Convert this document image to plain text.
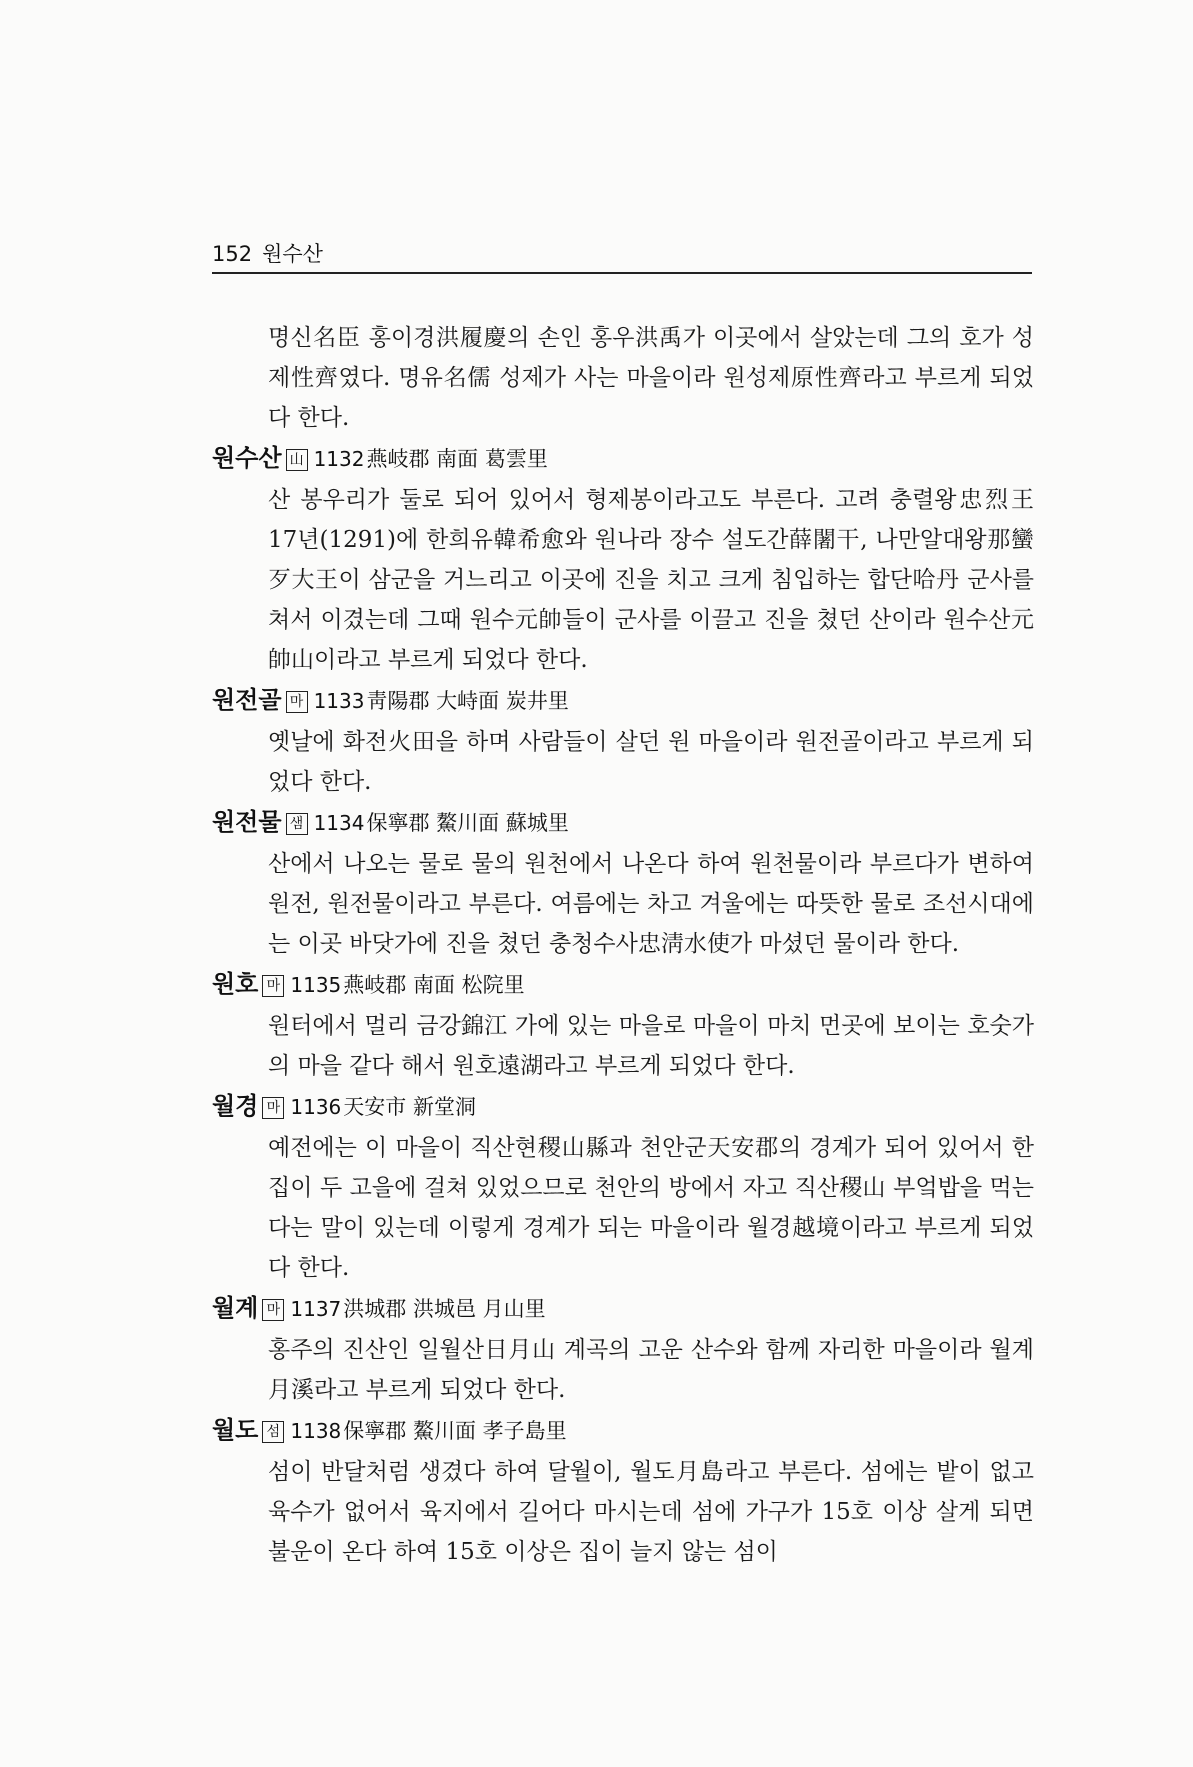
152 원수산

명신名臣 홍이경洪履慶의 손인 홍우洪禹가 이곳에서 살았는데 그의 호가 성제性齊였다. 명유名儒 성제가 사는 마을이라 원성제原性齊라고 부르게 되었다 한다.

원수산 山 1132燕岐郡 南面 葛雲里

산 봉우리가 둘로 되어 있어서 형제봉이라고도 부른다. 고려 충렬왕忠烈王 17년(1291)에 한희유韓希愈와 원나라 장수 설도간薛闍干, 나만알대왕那蠻歹大王이 삼군을 거느리고 이곳에 진을 치고 크게 침입하는 합단哈丹 군사를 쳐서 이겼는데 그때 원수元帥들이 군사를 이끌고 진을 쳤던 산이라 원수산元帥山이라고 부르게 되었다 한다.

원전골 마 1133靑陽郡 大峙面 炭井里

옛날에 화전火田을 하며 사람들이 살던 원 마을이라 원전골이라고 부르게 되었다 한다.

원전물 샘 1134保寧郡 鰲川面 蘇城里

산에서 나오는 물로 물의 원천에서 나온다 하여 원천물이라 부르다가 변하여 원전, 원전물이라고 부른다. 여름에는 차고 겨울에는 따뜻한 물로 조선시대에는 이곳 바닷가에 진을 쳤던 충청수사忠淸水使가 마셨던 물이라 한다.

원호 마 1135燕岐郡 南面 松院里

원터에서 멀리 금강錦江 가에 있는 마을로 마을이 마치 먼곳에 보이는 호숫가의 마을 같다 해서 원호遠湖라고 부르게 되었다 한다.

월경 마 1136天安市 新堂洞

예전에는 이 마을이 직산현稷山縣과 천안군天安郡의 경계가 되어 있어서 한 집이 두 고을에 걸쳐 있었으므로 천안의 방에서 자고 직산稷山 부엌밥을 먹는다는 말이 있는데 이렇게 경계가 되는 마을이라 월경越境이라고 부르게 되었다 한다.

월계 마 1137洪城郡 洪城邑 月山里

홍주의 진산인 일월산日月山 계곡의 고운 산수와 함께 자리한 마을이라 월계月溪라고 부르게 되었다 한다.

월도 섬 1138保寧郡 鰲川面 孝子島里

섬이 반달처럼 생겼다 하여 달월이, 월도月島라고 부른다. 섬에는 밭이 없고 육수가 없어서 육지에서 길어다 마시는데 섬에 가구가 15호 이상 살게 되면 불운이 온다 하여 15호 이상은 집이 늘지 않는 섬이
